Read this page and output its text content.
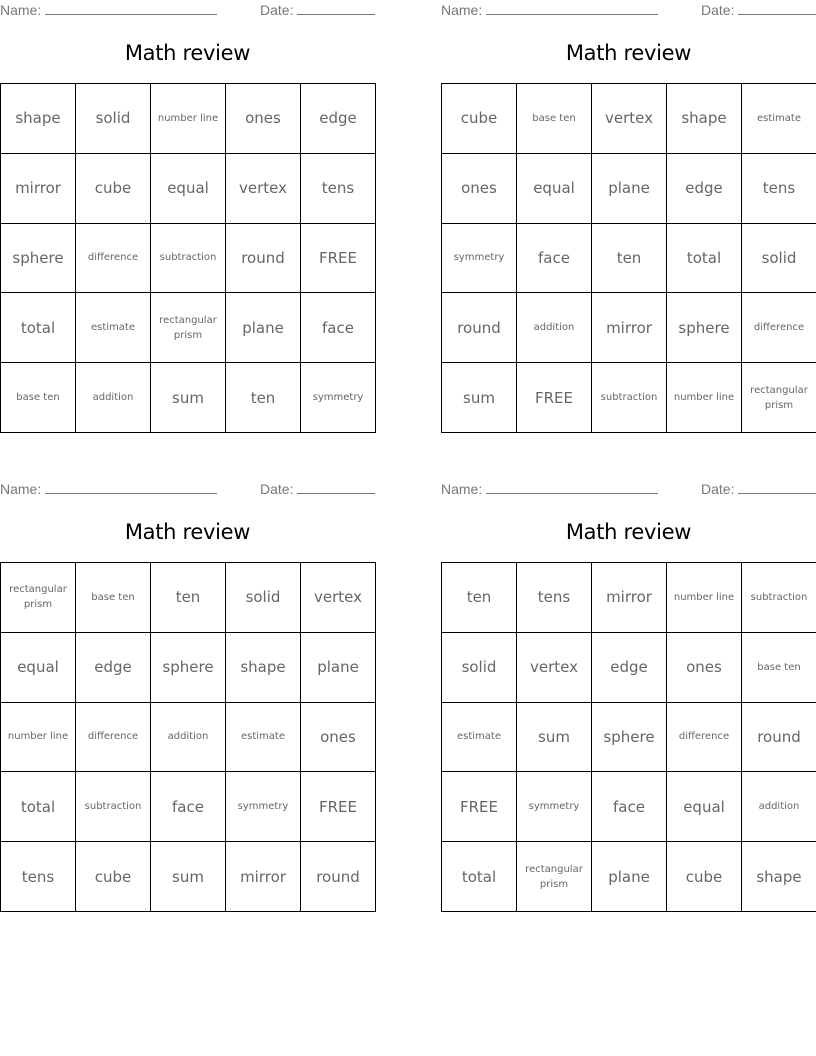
Name:	Date:
Math review
shape	solid	number line	ones	edge
mirror	cube	equal	vertex	tens
sphere	difference	subtraction	round	FREE
total	estimate	rectangular prism	plane	face
base ten	addition	sum	ten	symmetry
Name:	Date:
Math review
cube	base ten	vertex	shape	estimate
ones	equal	plane	edge	tens
symmetry	face	ten	total	solid
round	addition	mirror	sphere	difference
sum	FREE	subtraction	number line	rectangular prism
Name:	Date:
Math review
rectangular prism	base ten	ten	solid	vertex
equal	edge	sphere	shape	plane
number line	difference	addition	estimate	ones
total	subtraction	face	symmetry	FREE
tens	cube	sum	mirror	round
Name:	Date:
Math review
ten	tens	mirror	number line	subtraction
solid	vertex	edge	ones	base ten
estimate	sum	sphere	difference	round
FREE	symmetry	face	equal	addition
total	rectangular prism	plane	cube	shape
